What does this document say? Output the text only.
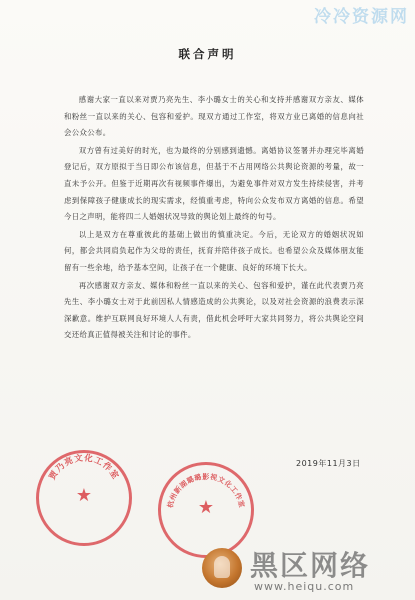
冷冷资源网
联合声明

感谢大家一直以来对贾乃亮先生、李小璐女士的关心和支持并感谢双方亲友、媒体和粉丝一直以来的关心、包容和爱护。现双方通过工作室，将双方业已离婚的信息向社会公众公布。

双方曾有过美好的时光，也为最终的分别感到遗憾。离婚协议签署并办理完毕离婚登记后，双方原拟于当日即公布该信息，但基于不占用网络公共舆论资源的考量，故一直未予公开。但鉴于近期再次有视频事件爆出，为避免事件对双方发生持续侵害，并考虑到保障孩子健康成长的现实需求，经慎重考虑，特向公众发布双方离婚的信息。希望今日之声明，能将四二人婚姻状况导致的舆论划上最终的句号。

以上是双方在尊重彼此的基础上做出的慎重决定。今后，无论双方的婚姻状况如何，都会共同肩负起作为父母的责任，抚育并陪伴孩子成长。也希望公众及媒体朋友能留有一些余地，给予基本空间，让孩子在一个健康、良好的环境下长大。

再次感谢双方亲友、媒体和粉丝一直以来的关心、包容和爱护，谨在此代表贾乃亮先生、李小璐女士对于此前因私人情感造成的公共舆论，以及对社会资源的浪费表示深深歉意。维护互联网良好环境人人有责，借此机会呼吁大家共同努力，将公共舆论空间交还给真正值得被关注和讨论的事件。

2019年11月3日
贾乃亮文化工作室
★	杭州新湖璐璐影视文化工作室
★
黑区网络
www.heiqu.com
